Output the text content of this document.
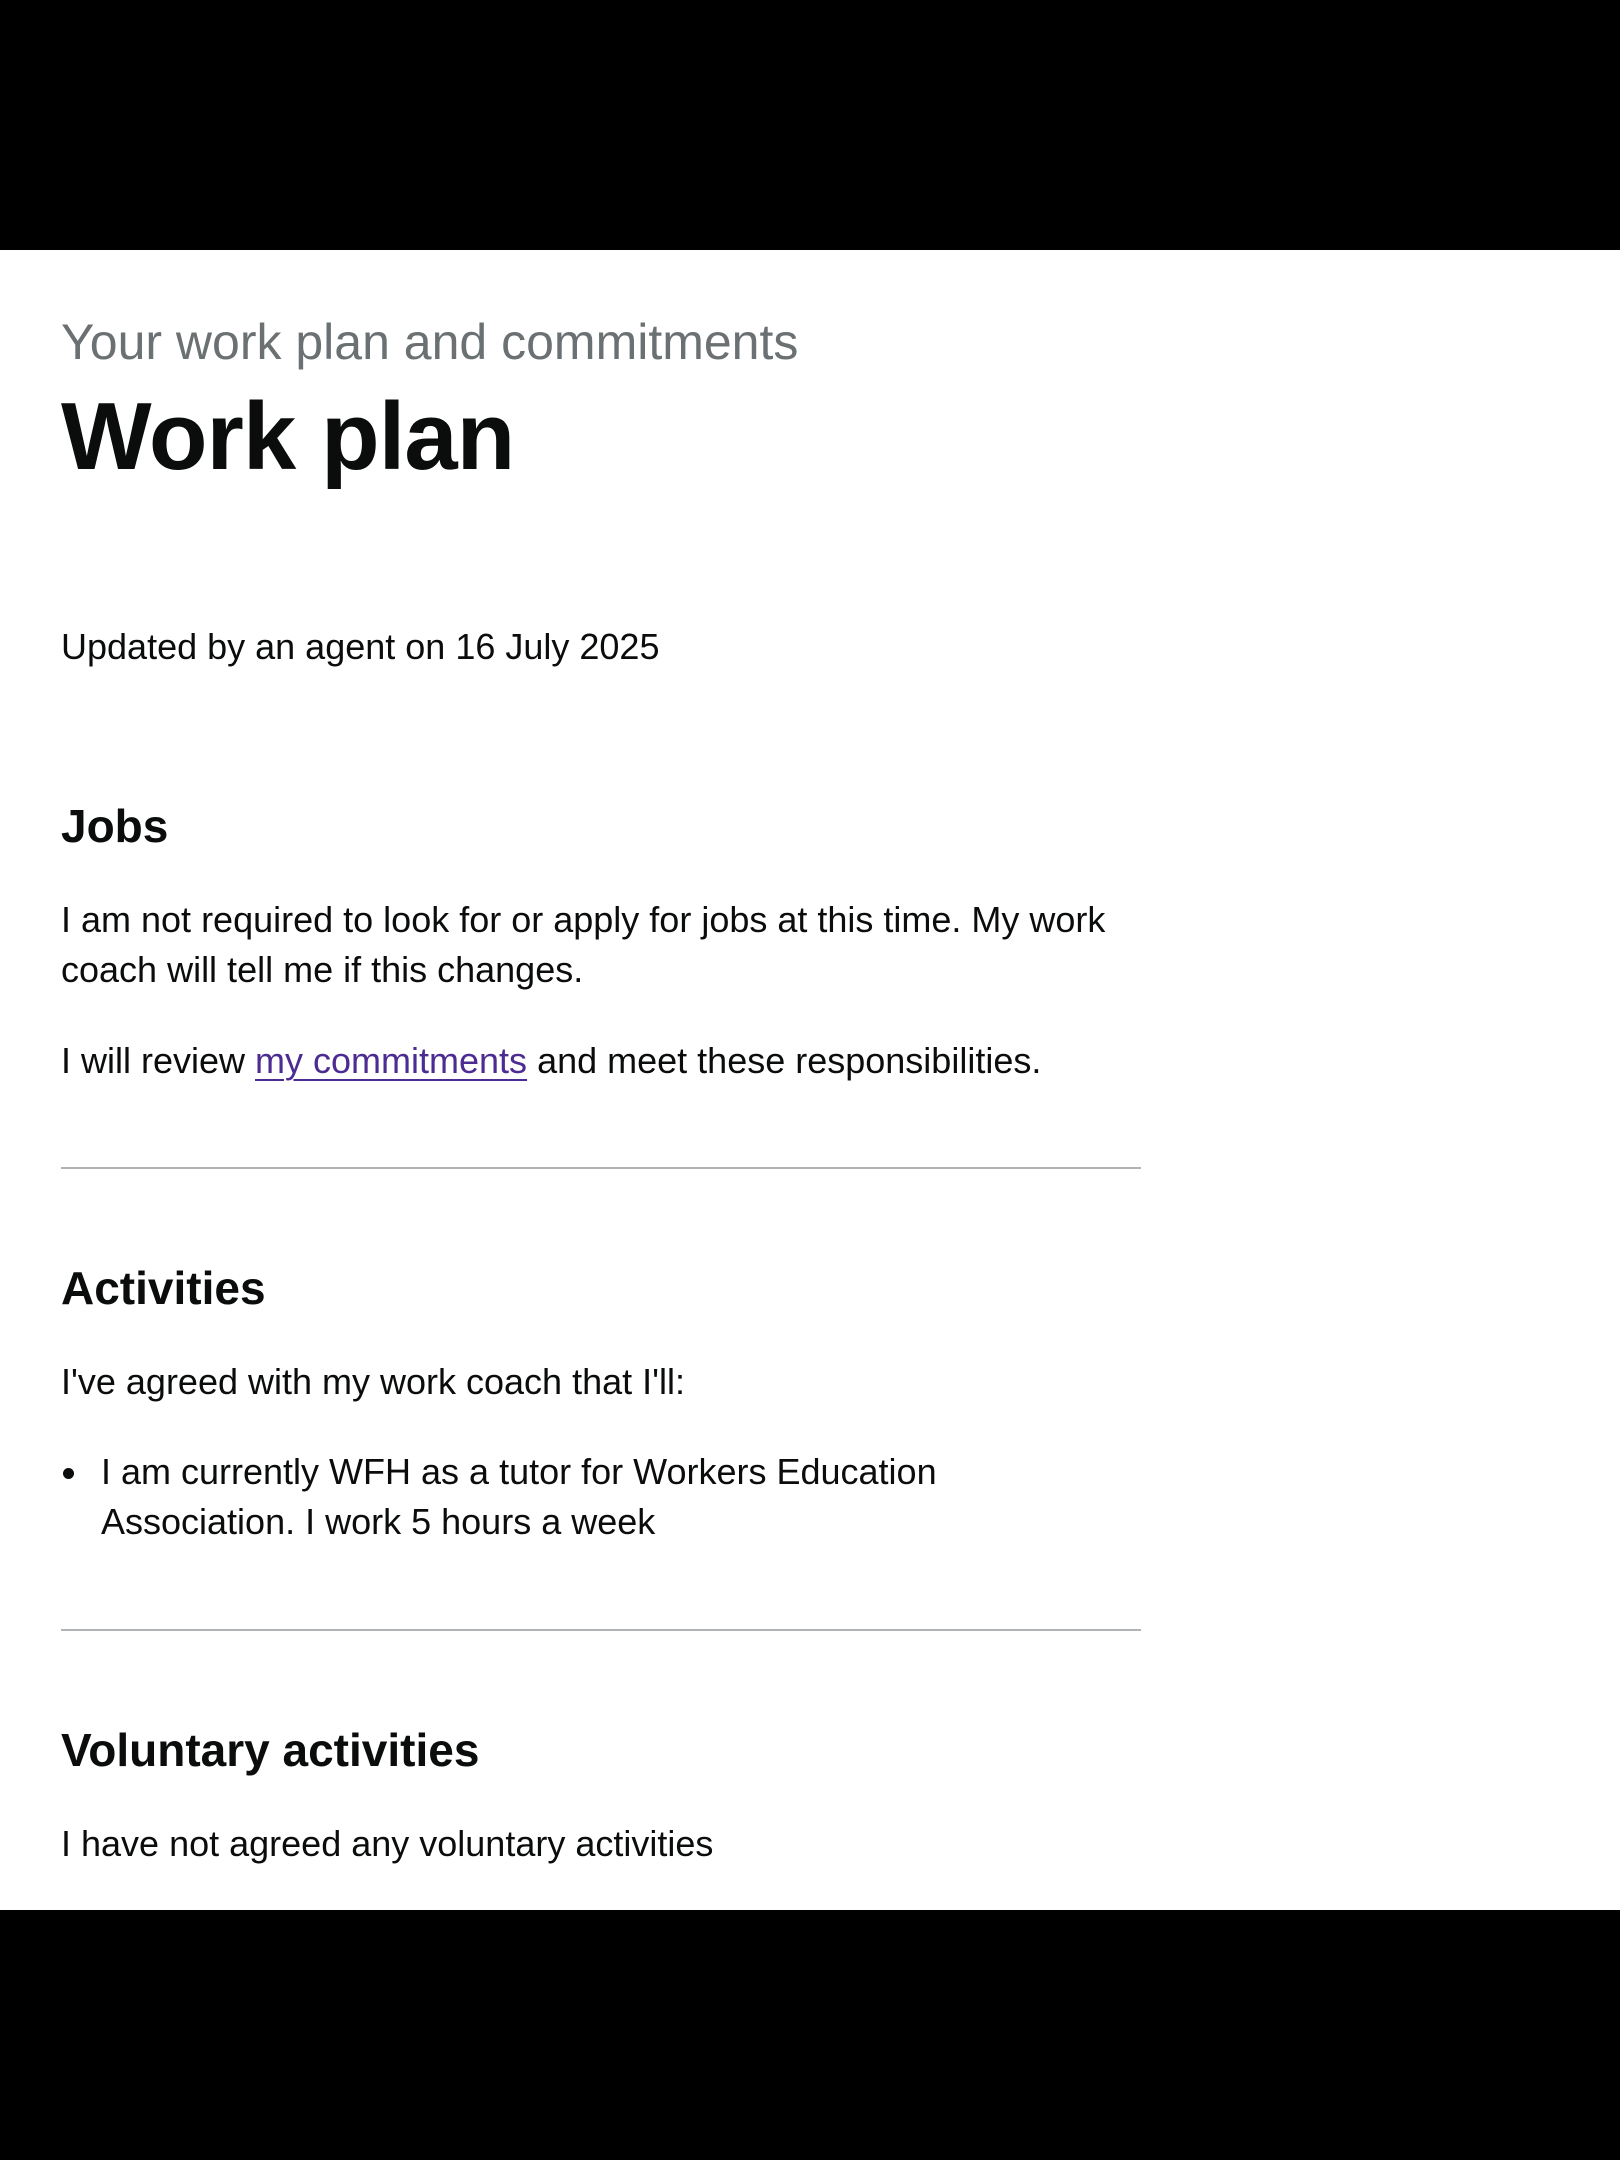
Your work plan and commitments
Work plan

Updated by an agent on 16 July 2025

Jobs

I am not required to look for or apply for jobs at this time. My work coach will tell me if this changes.

I will review my commitments and meet these responsibilities.

Activities

I've agreed with my work coach that I'll:

I am currently WFH as a tutor for Workers Education Association. I work 5 hours a week
Voluntary activities

I have not agreed any voluntary activities
